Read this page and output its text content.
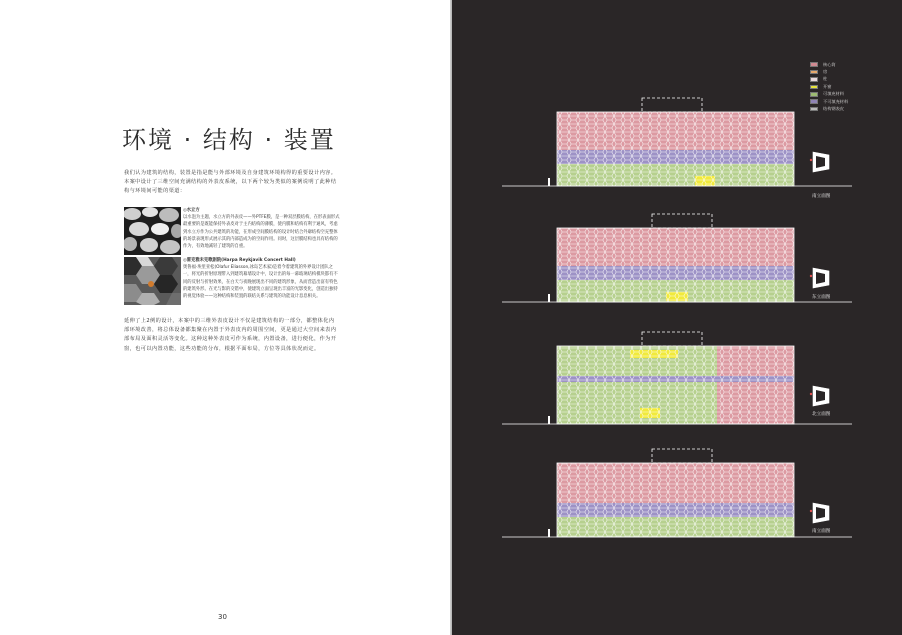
环境 · 结构 · 装置
我们认为建筑的结构，装置是指是能与外部环境及自身建筑环境构得的重要设计内容。本案中设计了三维空间充满结构的外表皮系统，以下两个较为类似的案例说明了此种结构与环境间可能的渠道：
◎水立方
以水泡为主题，水立方的外表皮——外PTFE膜，是一种双层膜结构，在形表面形式最重要的是既能保持外表皮对于主内结构的薄膜，使内膜和结构有利于通风，考虑到水立方作为公共建筑的功能，在形成空间膜结构的设计时结合外廓结构空充整体的场景表现形式展示其的内部造成为的空间作用。同时，这层膜结构也具有结构的作为，有效地减轻了建筑的自重。
◎雷克雅未克歌剧院(Harpa Reykjavik Concert Hall)
奥鲁福·埃里亚松(Olafur Eliasson,冰岛艺术家)是着今着建筑的外界设计团队之一，将光的折射原理带入到建筑幕墙设计中，设计出的每一幕玻璃结构模块都有不同的反射与折射效果，在白天与夜晚展现出不同的建筑形象，从而营造出富有特色的建筑外形。在光与影的交错中，使建筑立面呈现出丰富的光影变化，创造出独特的视觉体验——这种结构和装置的联结关系与建筑的功能设计息息相关。
延伸了上2例的设计，本案中的三维外表皮设计不仅是建筑结构的一部分，都整体化内部环境改善，将总体设备都集聚在内置于外表皮内的周围空间，更是通过大空间来表内部布局及面积灵活等变化。这种这种外表皮可作为系统，内置设备，进行便化，作为开窗，也可以内置功能，这些功能的分布，根据平面布局，方位等具体状况而定。
30
核心筒
房
柱
开窗
可填充材料
不可填充材料
结构钢表皮
南立面图
东立面图
北立面图
南立面图
